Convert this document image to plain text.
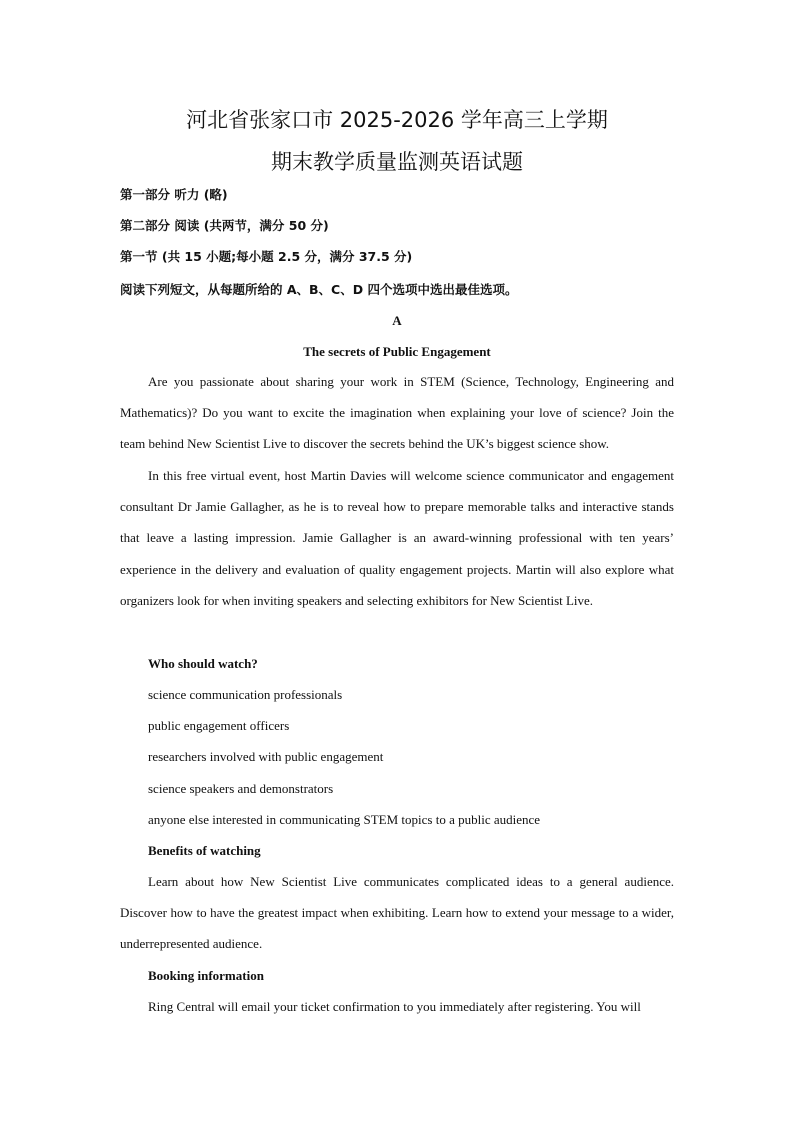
河北省张家口市 2025-2026 学年高三上学期
期末教学质量监测英语试题

第一部分 听力 (略)

第二部分 阅读 (共两节，满分 50 分)

第一节 (共 15 小题;每小题 2.5 分，满分 37.5 分)

阅读下列短文，从每题所给的 A、B、C、D 四个选项中选出最佳选项。

A

The secrets of Public Engagement

Are you passionate about sharing your work in STEM (Science, Technology, Engineering and Mathematics)? Do you want to excite the imagination when explaining your love of science? Join the team behind New Scientist Live to discover the secrets behind the UK’s biggest science show.

In this free virtual event, host Martin Davies will welcome science communicator and engagement consultant Dr Jamie Gallagher, as he is to reveal how to prepare memorable talks and interactive stands that leave a lasting impression. Jamie Gallagher is an award-winning professional with ten years’ experience in the delivery and evaluation of quality engagement projects. Martin will also explore what organizers look for when inviting speakers and selecting exhibitors for New Scientist Live.

Who should watch?

science communication professionals

public engagement officers

researchers involved with public engagement

science speakers and demonstrators

anyone else interested in communicating STEM topics to a public audience

Benefits of watching

Learn about how New Scientist Live communicates complicated ideas to a general audience. Discover how to have the greatest impact when exhibiting. Learn how to extend your message to a wider, underrepresented audience.

Booking information

Ring Central will email your ticket confirmation to you immediately after registering. You will
